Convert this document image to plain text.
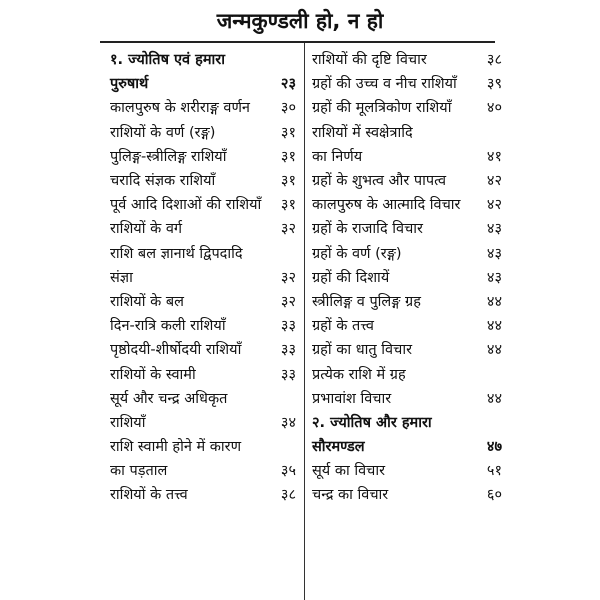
जन्मकुण्डली हो, न हो
१. ज्योतिष एवं हमारा
पुरुषार्थ	२३
कालपुरुष के शरीराङ्ग वर्णन	३०
राशियों के वर्ण (रङ्ग)	३१
पुलिङ्ग-स्त्रीलिङ्ग राशियाँ	३१
चरादि संज्ञक राशियाँ	३१
पूर्व आदि दिशाओं की राशियाँ	३१
राशियों के वर्ग	३२
राशि बल ज्ञानार्थ द्विपदादि
संज्ञा	३२
राशियों के बल	३२
दिन-रात्रि कली राशियाँ	३३
पृष्ठोदयी-शीर्षोदयी राशियाँ	३३
राशियों के स्वामी	३३
सूर्य और चन्द्र अधिकृत
राशियाँ	३४
राशि स्वामी होने में कारण
का पड़ताल	३५
राशियों के तत्त्व	३८
राशियों की दृष्टि विचार	३८
ग्रहों की उच्च व नीच राशियाँ	३९
ग्रहों की मूलत्रिकोण राशियाँ	४०
राशियों में स्वक्षेत्रादि
का निर्णय	४१
ग्रहों के शुभत्व और पापत्व	४२
कालपुरुष के आत्मादि विचार	४२
ग्रहों के राजादि विचार	४३
ग्रहों के वर्ण (रङ्ग)	४३
ग्रहों की दिशायें	४३
स्त्रीलिङ्ग व पुलिङ्ग ग्रह	४४
ग्रहों के तत्त्व	४४
ग्रहों का धातु विचार	४४
प्रत्येक राशि में ग्रह
प्रभावांश विचार	४४
२. ज्योतिष और हमारा
सौरमण्डल	४७
सूर्य का विचार	५१
चन्द्र का विचार	६०
